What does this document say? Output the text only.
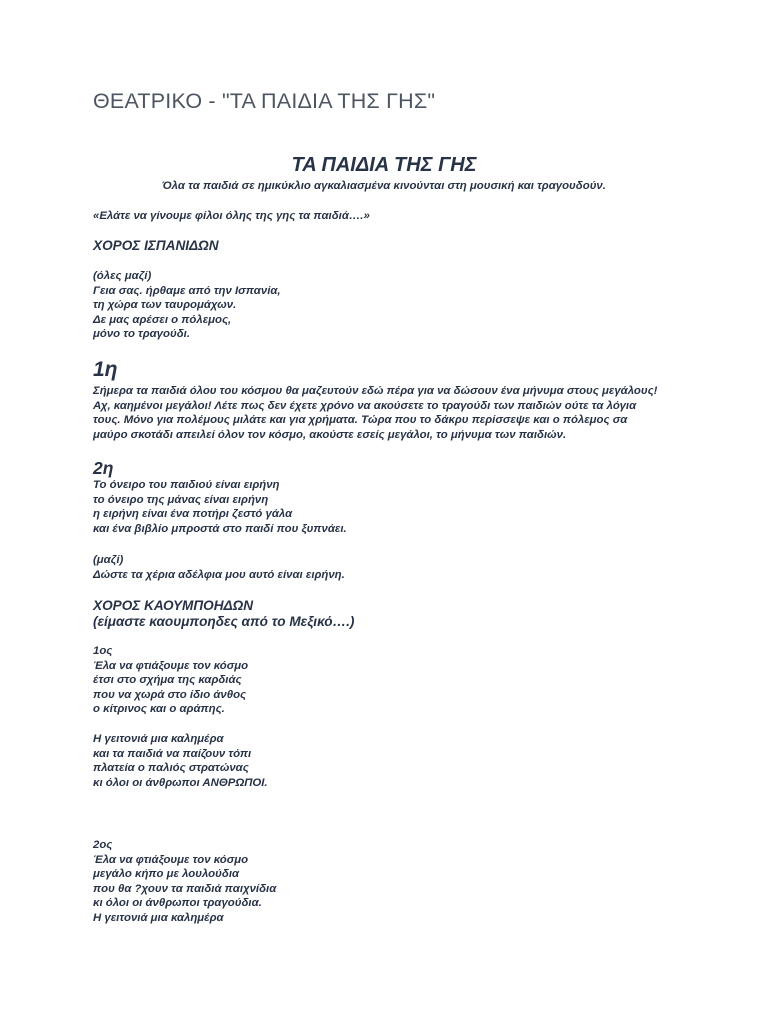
ΘΕΑΤΡΙΚΟ - "ΤΑ ΠΑΙΔΙΑ ΤΗΣ ΓΗΣ"
ΤΑ ΠΑΙΔΙΑ ΤΗΣ ΓΗΣ
Όλα τα παιδιά σε ημικύκλιο αγκαλιασμένα κινούνται στη μουσική και τραγουδούν.
«Ελάτε να γίνουμε φίλοι όλης της γης τα παιδιά….»
ΧΟΡΟΣ ΙΣΠΑΝΙΔΩΝ
(όλες μαζί)
Γεια σας. ήρθαμε από την Ισπανία,
τη χώρα των ταυρομάχων.
Δε μας αρέσει ο πόλεμος,
μόνο το τραγούδι.
1η
Σήμερα τα παιδιά όλου του κόσμου θα μαζευτούν εδώ πέρα για να δώσουν ένα μήνυμα στους μεγάλους!
Αχ, καημένοι μεγάλοι! Λέτε πως δεν έχετε χρόνο να ακούσετε το τραγούδι των παιδιών ούτε τα λόγια
τους. Μόνο για πολέμους μιλάτε και για χρήματα. Τώρα που το δάκρυ περίσσεψε και ο πόλεμος σα
μαύρο σκοτάδι απειλεί όλον τον κόσμο, ακούστε εσείς μεγάλοι, το μήνυμα των παιδιών.
2η
Το όνειρο του παιδιού είναι ειρήνη
το όνειρο της μάνας είναι ειρήνη
η ειρήνη είναι ένα ποτήρι ζεστό γάλα
και ένα βιβλίο μπροστά στο παιδί που ξυπνάει.
(μαζί)
Δώστε τα χέρια αδέλφια μου αυτό είναι ειρήνη.
ΧΟΡΟΣ ΚΑΟΥΜΠΟΗΔΩΝ
(είμαστε καουμποηδες από το Μεξικό….)
1ος
Έλα να φτιάξουμε τον κόσμο
έτσι στο σχήμα της καρδιάς
που να χωρά στο ίδιο άνθος
ο κίτρινος και ο αράπης.
Η γειτονιά μια καλημέρα
και τα παιδιά να παίζουν τόπι
πλατεία ο παλιός στρατώνας
κι όλοι οι άνθρωποι ΑΝΘΡΩΠΟΙ.
2ος
Έλα να φτιάξουμε τον κόσμο
μεγάλο κήπο με λουλούδια
που θα ?χουν τα παιδιά παιχνίδια
κι όλοι οι άνθρωποι τραγούδια.
Η γειτονιά μια καλημέρα
